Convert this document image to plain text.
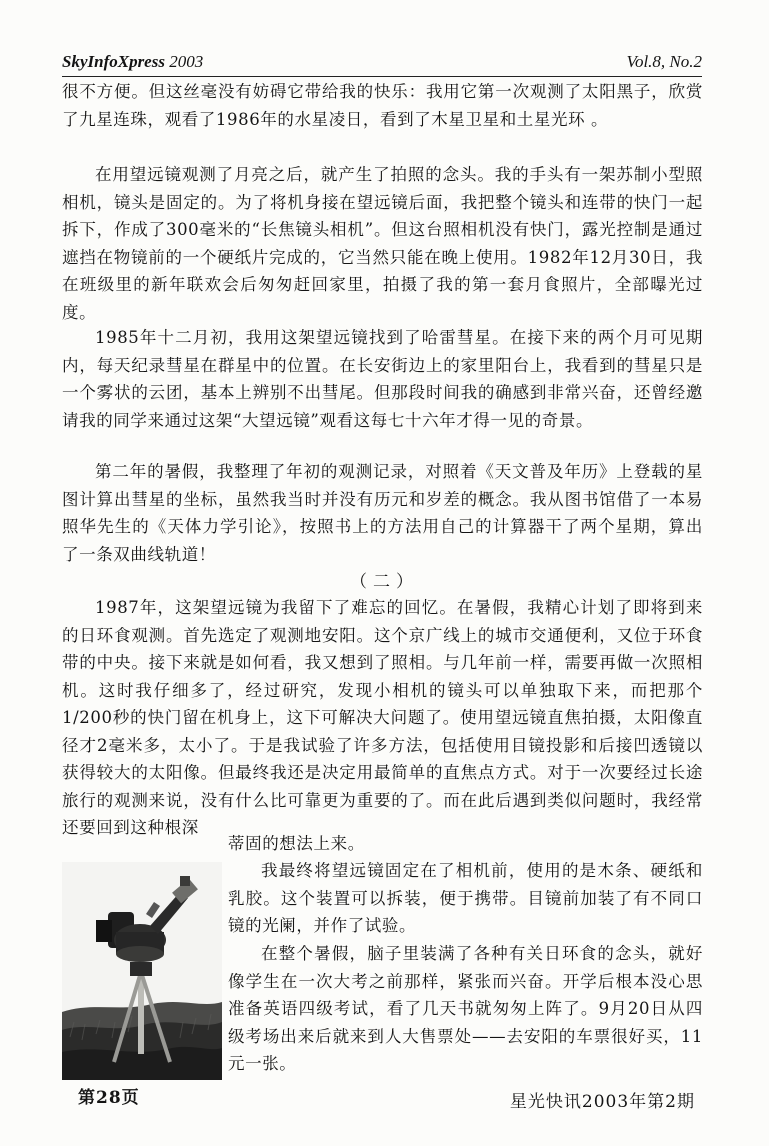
SkyInfoXpress 2003	Vol.8, No.2

很不方便。但这丝毫没有妨碍它带给我的快乐：我用它第一次观测了太阳黑子，欣赏了九星连珠，观看了1986年的水星凌日，看到了木星卫星和土星光环 。

在用望远镜观测了月亮之后，就产生了拍照的念头。我的手头有一架苏制小型照相机，镜头是固定的。为了将机身接在望远镜后面，我把整个镜头和连带的快门一起拆下，作成了300毫米的“长焦镜头相机”。但这台照相机没有快门，露光控制是通过遮挡在物镜前的一个硬纸片完成的，它当然只能在晚上使用。1982年12月30日，我在班级里的新年联欢会后匆匆赶回家里，拍摄了我的第一套月食照片，全部曝光过度。

1985年十二月初，我用这架望远镜找到了哈雷彗星。在接下来的两个月可见期内，每天纪录彗星在群星中的位置。在长安街边上的家里阳台上，我看到的彗星只是一个雾状的云团，基本上辨别不出彗尾。但那段时间我的确感到非常兴奋，还曾经邀请我的同学来通过这架“大望远镜”观看这每七十六年才得一见的奇景。

第二年的暑假，我整理了年初的观测记录，对照着《天文普及年历》上登载的星图计算出彗星的坐标，虽然我当时并没有历元和岁差的概念。我从图书馆借了一本易照华先生的《天体力学引论》，按照书上的方法用自己的计算器干了两个星期，算出了一条双曲线轨道！

（二）

1987年，这架望远镜为我留下了难忘的回忆。在暑假，我精心计划了即将到来的日环食观测。首先选定了观测地安阳。这个京广线上的城市交通便利，又位于环食带的中央。接下来就是如何看，我又想到了照相。与几年前一样，需要再做一次照相机。这时我仔细多了，经过研究，发现小相机的镜头可以单独取下来，而把那个1/200秒的快门留在机身上，这下可解决大问题了。使用望远镜直焦拍摄，太阳像直径才2毫米多，太小了。于是我试验了许多方法，包括使用目镜投影和后接凹透镜以获得较大的太阳像。但最终我还是决定用最简单的直焦点方式。对于一次要经过长途旅行的观测来说，没有什么比可靠更为重要的了。而在此后遇到类似问题时，我经常还要回到这种根深

蒂固的想法上来。

我最终将望远镜固定在了相机前，使用的是木条、硬纸和乳胶。这个装置可以拆装，便于携带。目镜前加装了有不同口镜的光阑，并作了试验。

在整个暑假，脑子里装满了各种有关日环食的念头，就好像学生在一次大考之前那样，紧张而兴奋。开学后根本没心思准备英语四级考试，看了几天书就匆匆上阵了。9月20日从四级考场出来后就来到人大售票处——去安阳的车票很好买，11元一张。

第28页	星光快讯2003年第2期
